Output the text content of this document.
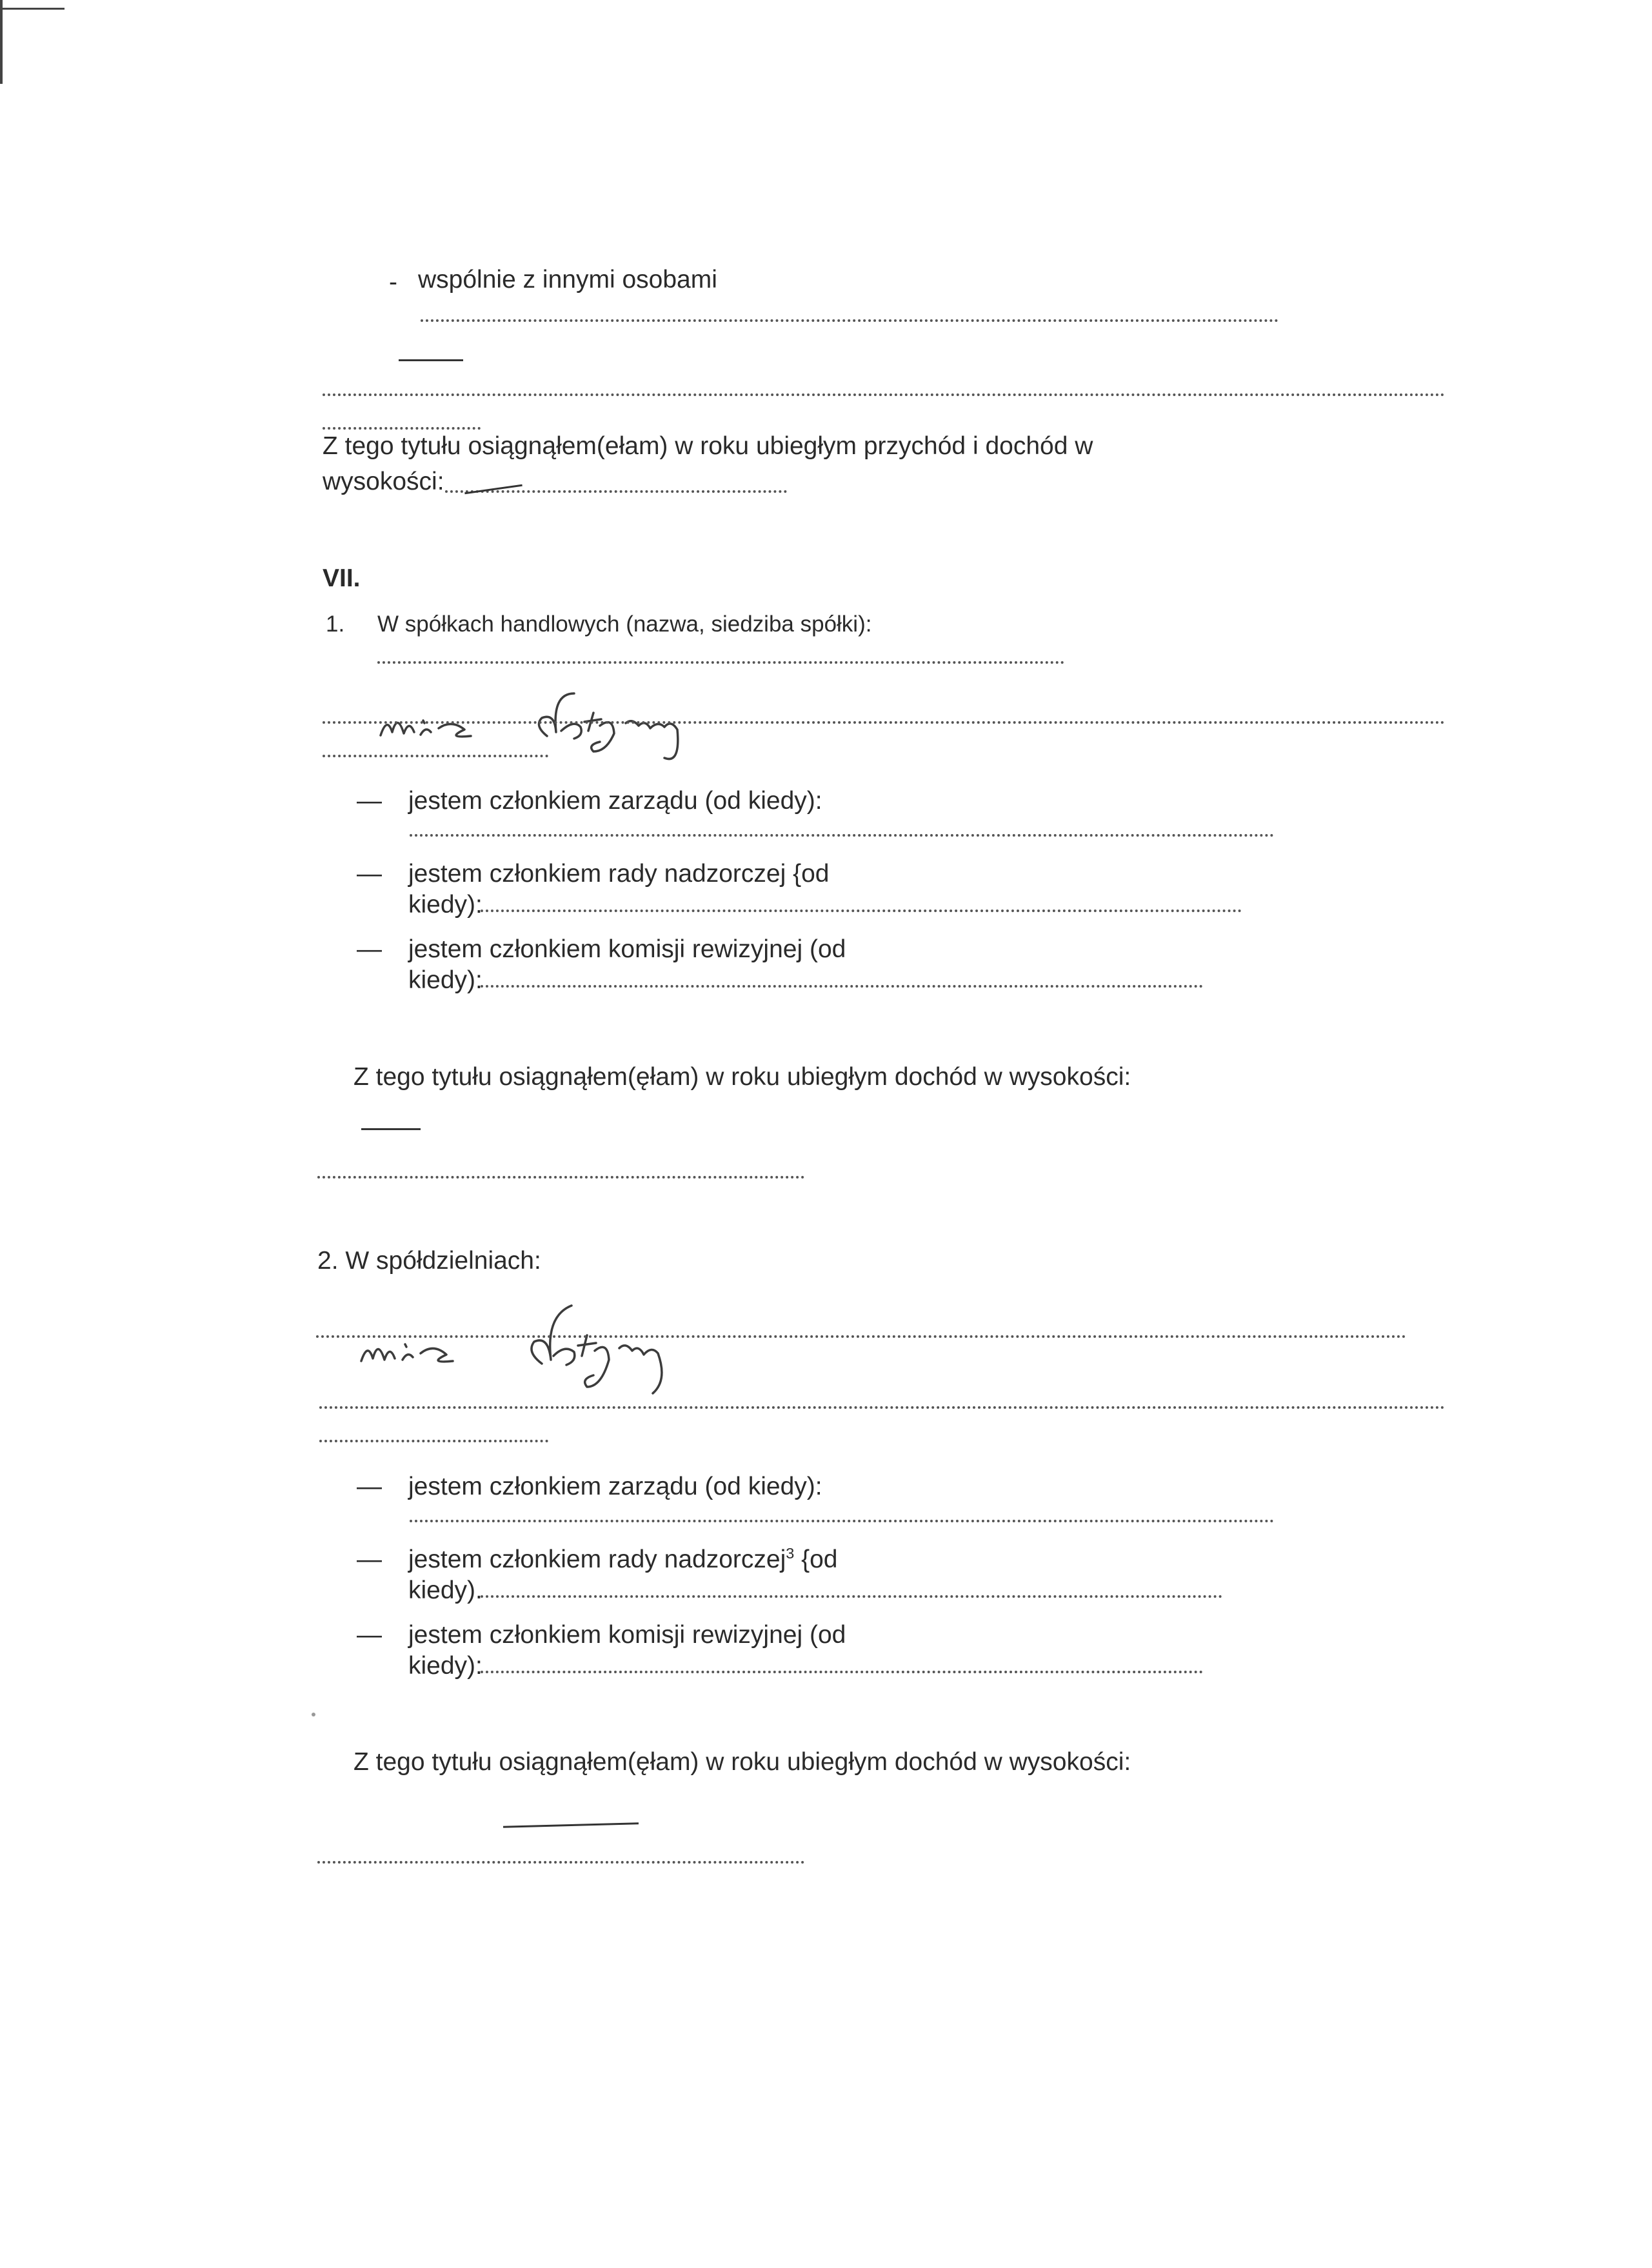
- wspólnie z innymi osobami
Z tego tytułu osiągnąłem(ełam) w roku ubiegłym przychód i dochód w
wysokości:
VII.
1. W spółkach handlowych (nazwa, siedziba spółki):
— jestem członkiem zarządu (od kiedy):
— jestem członkiem rady nadzorczej {od
kiedy):
— jestem członkiem komisji rewizyjnej (od
kiedy):
Z tego tytułu osiągnąłem(ęłam) w roku ubiegłym dochód w wysokości:
2. W spółdzielniach:
— jestem członkiem zarządu (od kiedy):
— jestem członkiem rady nadzorczej$^3$ {od
kiedy).
— jestem członkiem komisji rewizyjnej (od
kiedy):
Z tego tytułu osiągnąłem(ęłam) w roku ubiegłym dochód w wysokości:
